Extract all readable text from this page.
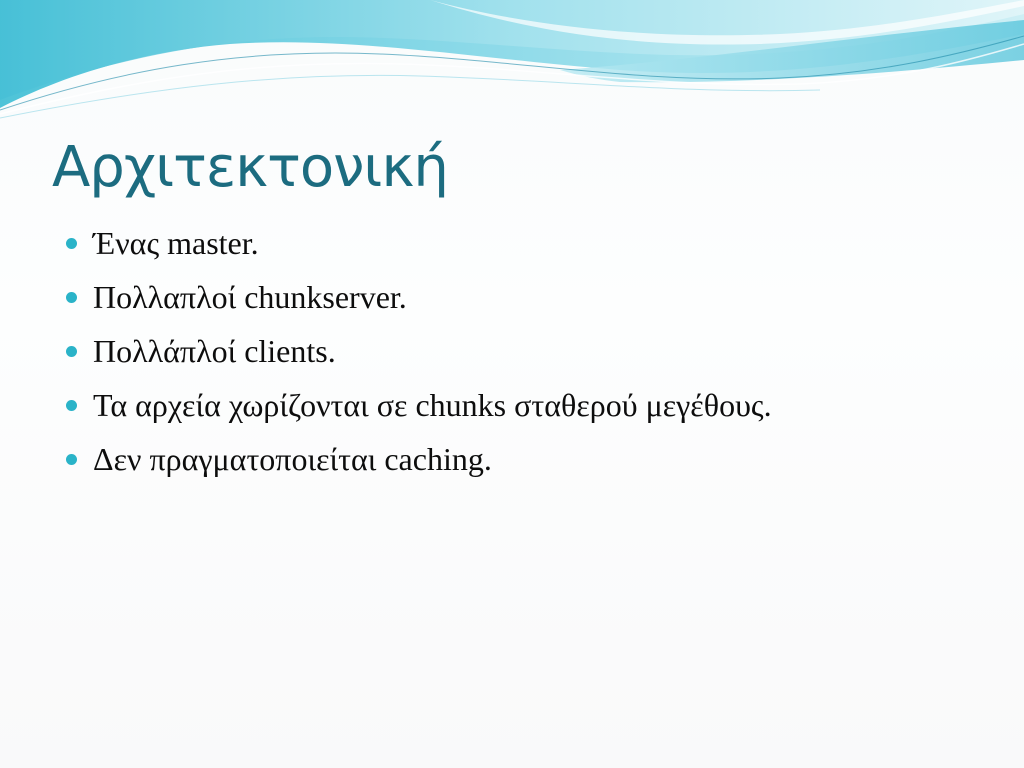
Αρχιτεκτονική
Ένας master.
Πολλαπλοί chunkserver.
Πολλάπλοί clients.
Τα αρχεία χωρίζονται σε chunks σταθερού μεγέθους.
Δεν πραγματοποιείται caching.
